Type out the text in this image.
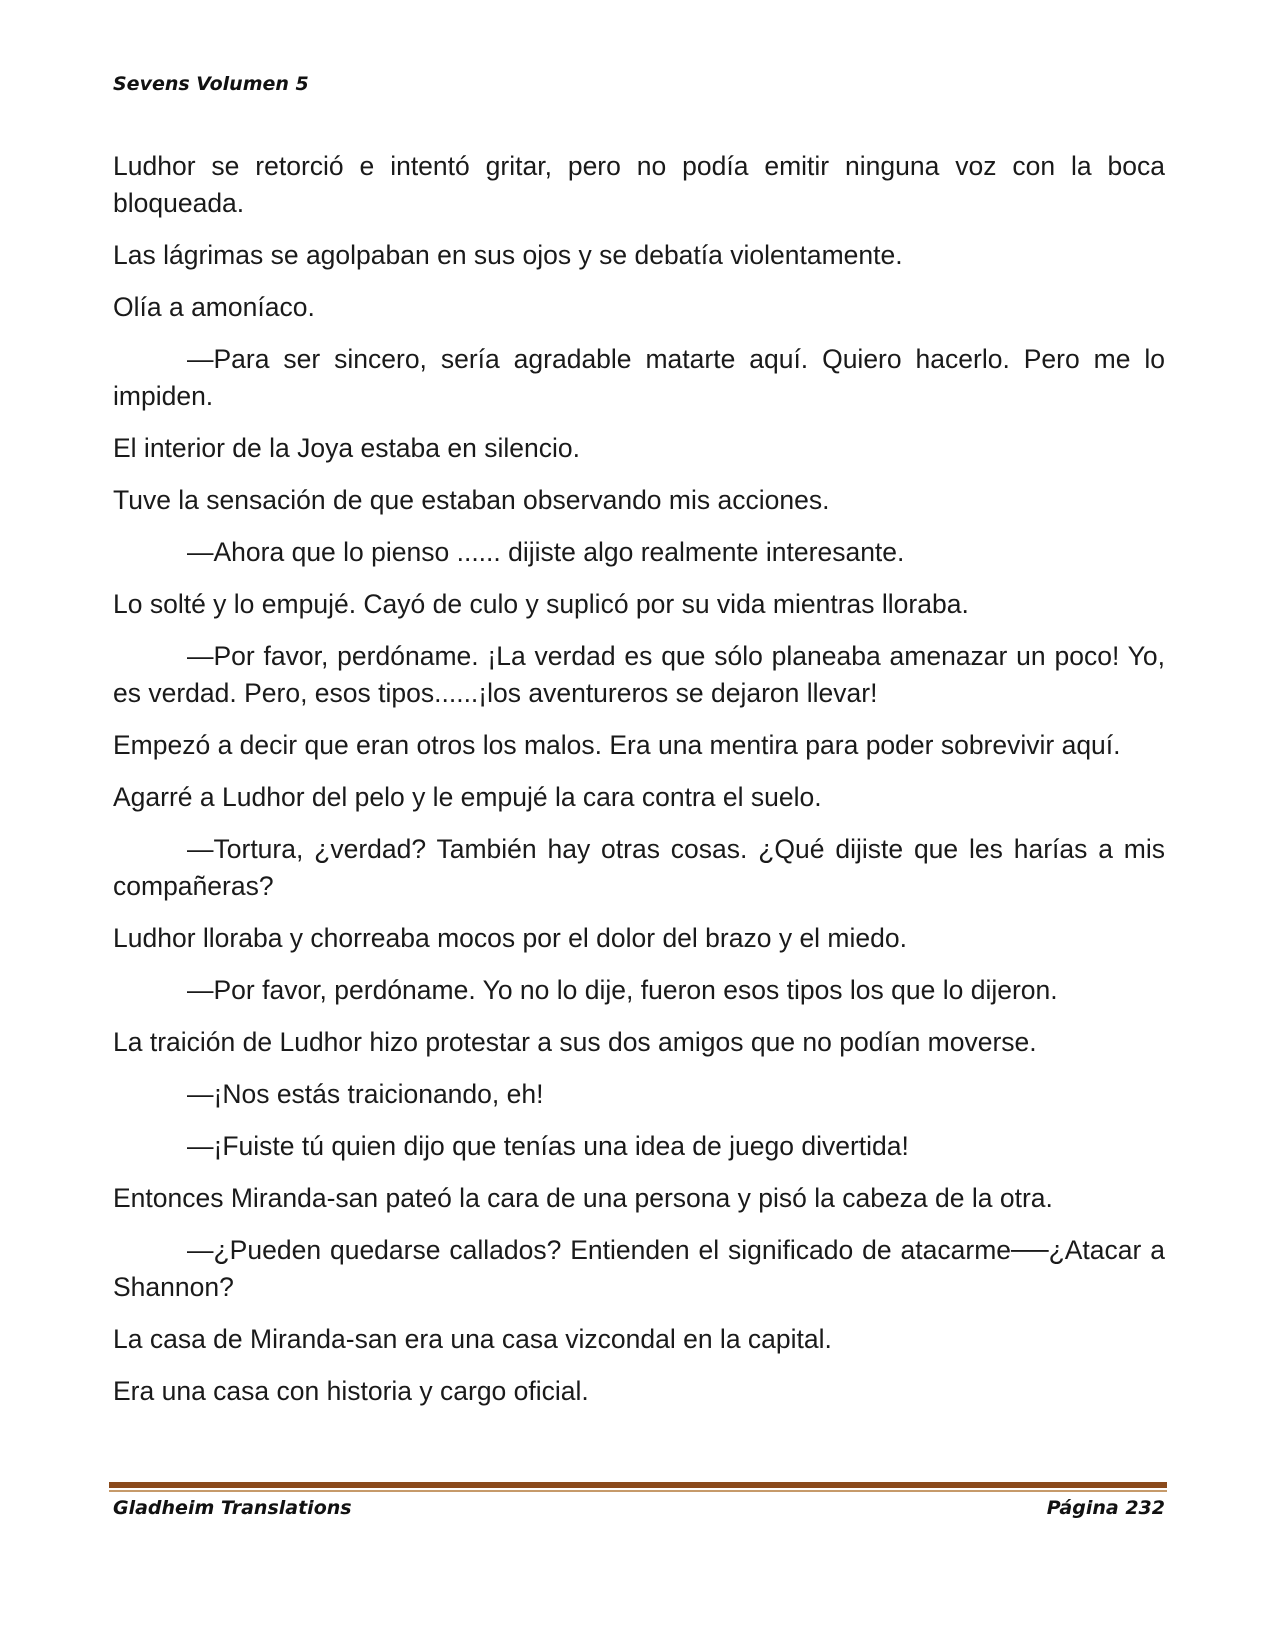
Sevens Volumen 5

Ludhor se retorció e intentó gritar, pero no podía emitir ninguna voz con la boca bloqueada.

Las lágrimas se agolpaban en sus ojos y se debatía violentamente.

Olía a amoníaco.

—Para ser sincero, sería agradable matarte aquí. Quiero hacerlo. Pero me lo impiden.

El interior de la Joya estaba en silencio.

Tuve la sensación de que estaban observando mis acciones.

—Ahora que lo pienso ...... dijiste algo realmente interesante.

Lo solté y lo empujé. Cayó de culo y suplicó por su vida mientras lloraba.

—Por favor, perdóname. ¡La verdad es que sólo planeaba amenazar un poco! Yo, es verdad. Pero, esos tipos......¡los aventureros se dejaron llevar!

Empezó a decir que eran otros los malos. Era una mentira para poder sobrevivir aquí.

Agarré a Ludhor del pelo y le empujé la cara contra el suelo.

—Tortura, ¿verdad? También hay otras cosas. ¿Qué dijiste que les harías a mis compañeras?

Ludhor lloraba y chorreaba mocos por el dolor del brazo y el miedo.

—Por favor, perdóname. Yo no lo dije, fueron esos tipos los que lo dijeron.

La traición de Ludhor hizo protestar a sus dos amigos que no podían moverse.

—¡Nos estás traicionando, eh!

—¡Fuiste tú quien dijo que tenías una idea de juego divertida!

Entonces Miranda-san pateó la cara de una persona y pisó la cabeza de la otra.

—¿Pueden quedarse callados? Entienden el significado de atacarme──¿Atacar a Shannon?

La casa de Miranda-san era una casa vizcondal en la capital.

Era una casa con historia y cargo oficial.

Gladheim Translations	Página 232
